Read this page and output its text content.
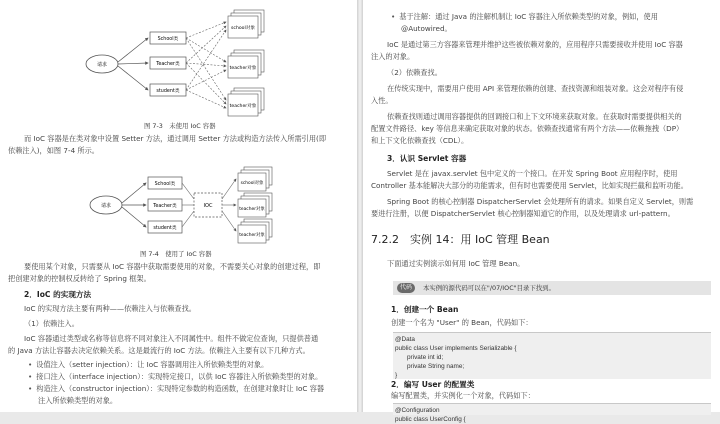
请求
School类
Teacher类
student类
school对象
teacher对象
teacher对象
图 7-3　未使用 IoC 容器
而 IoC 容器是在类对象中设置 Setter 方法，通过调用 Setter 方法或构造方法传入所需引用(即
依赖注入)，如图 7-4 所示。
请求
School类
Teacher类
student类
IOC
school对象
teacher对象
teacher对象
图 7-4　使用了 IoC 容器
要使用某个对象，只需要从 IoC 容器中获取需要使用的对象，不需要关心对象的创建过程，即
把创建对象的控制权反转给了 Spring 框架。
2．IoC 的实现方法
IoC 的实现方法主要有两种——依赖注入与依赖查找。
（1）依赖注入。
IoC 容器通过类型或名称等信息将不同对象注入不同属性中。组件不做定位查询，只提供普通
的 Java 方法让容器去决定依赖关系。这是最流行的 IoC 方法。依赖注入主要有以下几种方式。
• 设值注入（setter injection）：让 IoC 容器调用注入所依赖类型的对象。
• 接口注入（interface injection）：实现特定接口，以供 IoC 容器注入所依赖类型的对象。
• 构造注入（constructor injection）：实现特定参数的构造函数，在创建对象时让 IoC 容器
注入所依赖类型的对象。
• 基于注解：通过 Java 的注解机制让 IoC 容器注入所依赖类型的对象，例如，使用
@Autowired。
IoC 是通过第三方容器来管理并维护这些被依赖对象的，应用程序只需要接收并使用 IoC 容器
注入的对象。
（2）依赖查找。
在传统实现中，需要用户使用 API 来管理依赖的创建、查找资源和组装对象。这会对程序有侵
入性。
依赖查找则通过调用容器提供的回调接口和上下文环境来获取对象。在获取时需要提供相关的
配置文件路径、key 等信息来确定获取对象的状态。依赖查找通常有两个方法——依赖拖拽（DP）
和上下文化依赖查找（CDL）。
3．认识 Servlet 容器
Servlet 是在 javax.servlet 包中定义的一个接口。在开发 Spring Boot 应用程序时，使用
Controller 基本能解决大部分的功能需求，但有时也需要使用 Servlet，比如实现拦截和监听功能。
Spring Boot 的核心控制器 DispatcherServlet 会处理所有的请求。如果自定义 Servlet，则需
要进行注册，以便 DispatcherServlet 核心控制器知道它的作用，以及处理请求 url-pattern。
7.2.2　实例 14：用 IoC 管理 Bean
下面通过实例演示如何用 IoC 管理 Bean。
代码	本实例的源代码可以在"/07/IOC"目录下找到。
1．创建一个 Bean
创建一个名为 "User" 的 Bean，代码如下：
@Data
public class User implements Serializable {
private int id;
private String name;
}
2．编写 User 的配置类
编写配置类，并实例化一个对象，代码如下：
@Configuration
public class UserConfig {
